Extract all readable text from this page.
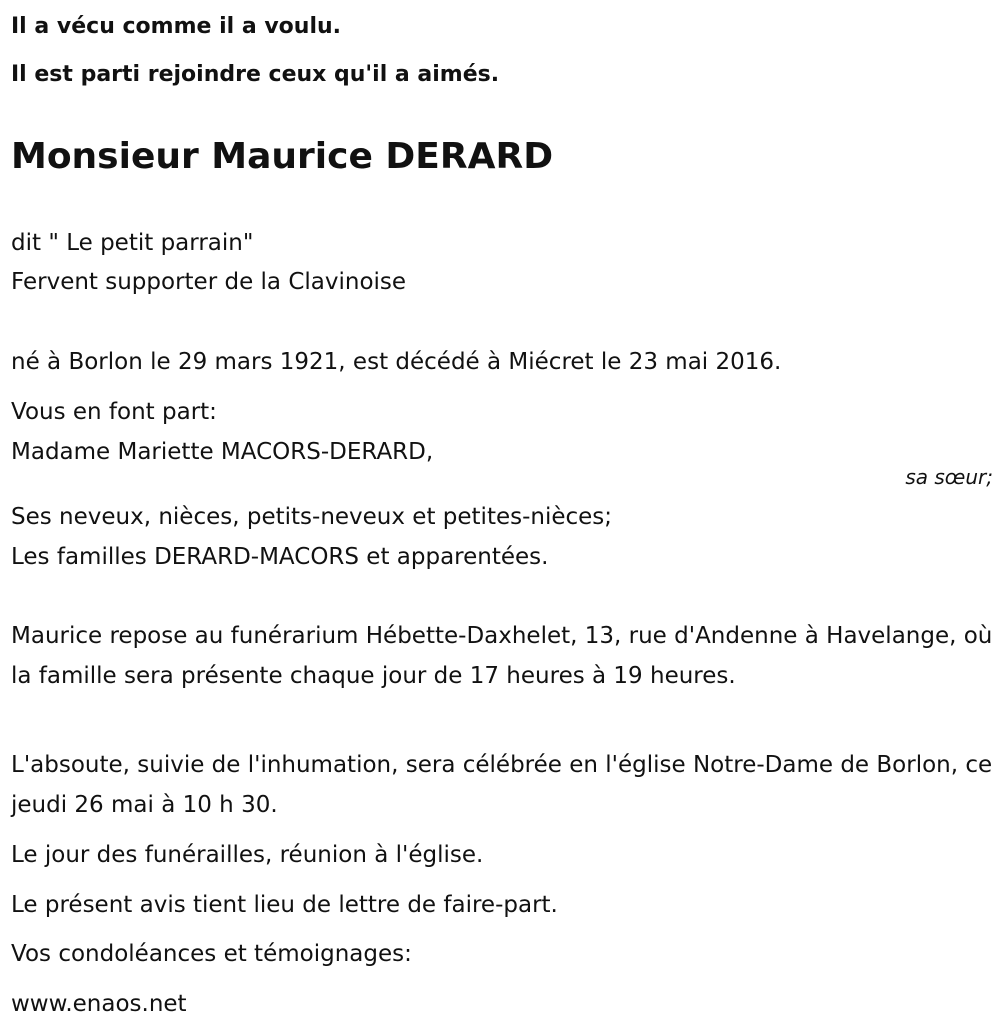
Il a vécu comme il a voulu.
Il est parti rejoindre ceux qu'il a aimés.
Monsieur Maurice DERARD
dit " Le petit parrain"
Fervent supporter de la Clavinoise
né à Borlon le 29 mars 1921, est décédé à Miécret le 23 mai 2016.
Vous en font part:
Madame Mariette MACORS-DERARD,
sa sœur;
Ses neveux, nièces, petits-neveux et petites-nièces;
Les familles DERARD-MACORS et apparentées.
Maurice repose au funérarium Hébette-Daxhelet, 13, rue d'Andenne à Havelange, où la famille sera présente chaque jour de 17 heures à 19 heures.
L'absoute, suivie de l'inhumation, sera célébrée en l'église Notre-Dame de Borlon, ce jeudi 26 mai à 10 h 30.
Le jour des funérailles, réunion à l'église.
Le présent avis tient lieu de lettre de faire-part.
Vos condoléances et témoignages:
www.enaos.net
